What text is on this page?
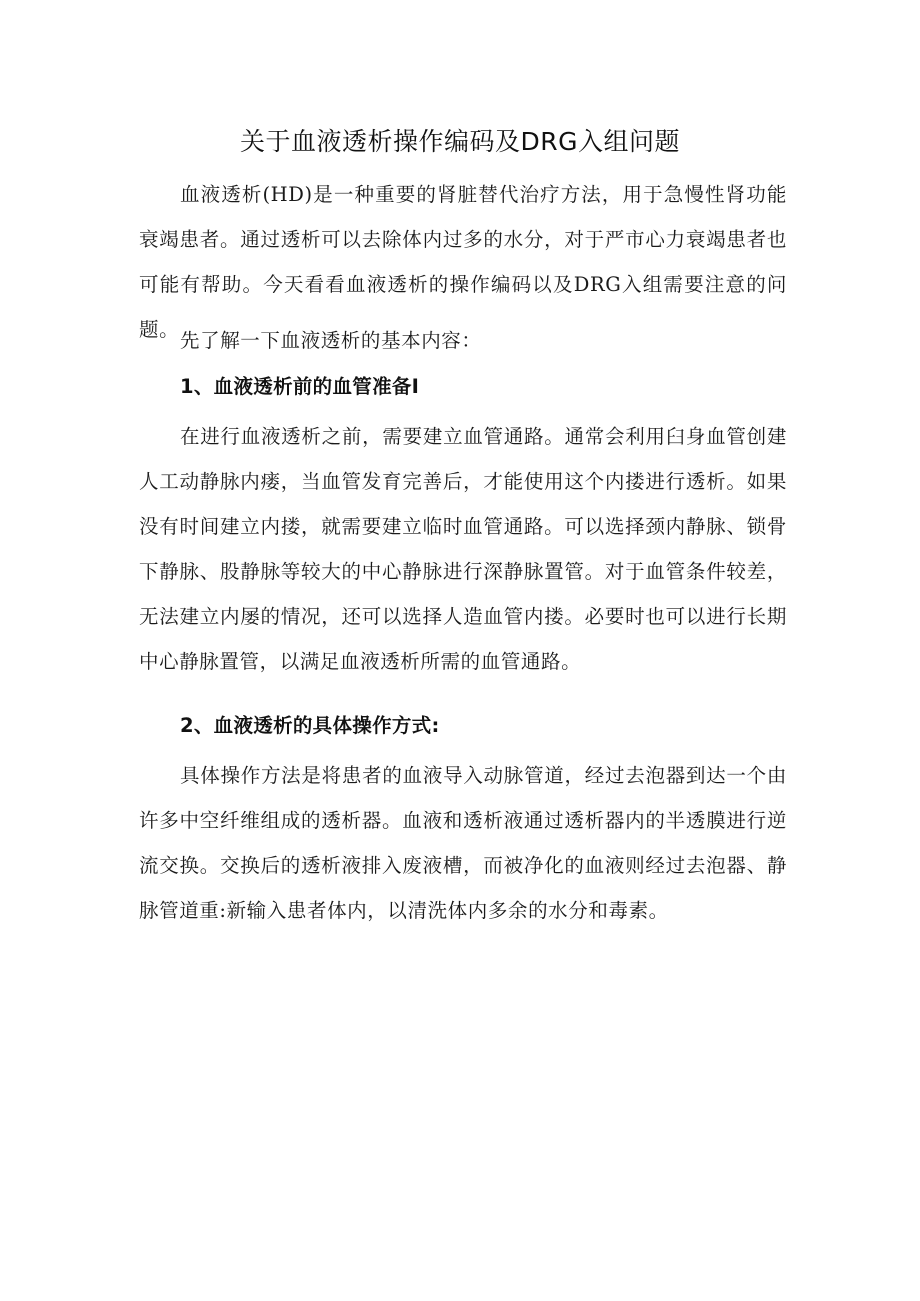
关于血液透析操作编码及DRG入组问题

血液透析(HD)是一种重要的肾脏替代治疗方法，用于急慢性肾功能衰竭患者。通过透析可以去除体内过多的水分，对于严市心力衰竭患者也可能有帮助。今天看看血液透析的操作编码以及DRG入组需要注意的问题。 先了解一下血液透析的基本内容：

1、血液透析前的血管准备I

在进行血液透析之前，需要建立血管通路。通常会利用臼身血管创建人工动静脉内瘘，当血管发育完善后，才能使用这个内搂进行透析。如果没有时间建立内搂，就需要建立临时血管通路。可以选择颈内静脉、锁骨下静脉、股静脉等较大的中心静脉进行深静脉置管。对于血管条件较差，无法建立内屡的情况，还可以选择人造血管内搂。必要时也可以进行长期中心静脉置管，以满足血液透析所需的血管通路。

2、血液透析的具体操作方式:

具体操作方法是将患者的血液导入动脉管道，经过去泡器到达一个由许多中空纤维组成的透析器。血液和透析液通过透析器内的半透膜进行逆流交换。交换后的透析液排入废液槽，而被净化的血液则经过去泡器、静脉管道重:新输入患者体内，以清洗体内多余的水分和毒素。
